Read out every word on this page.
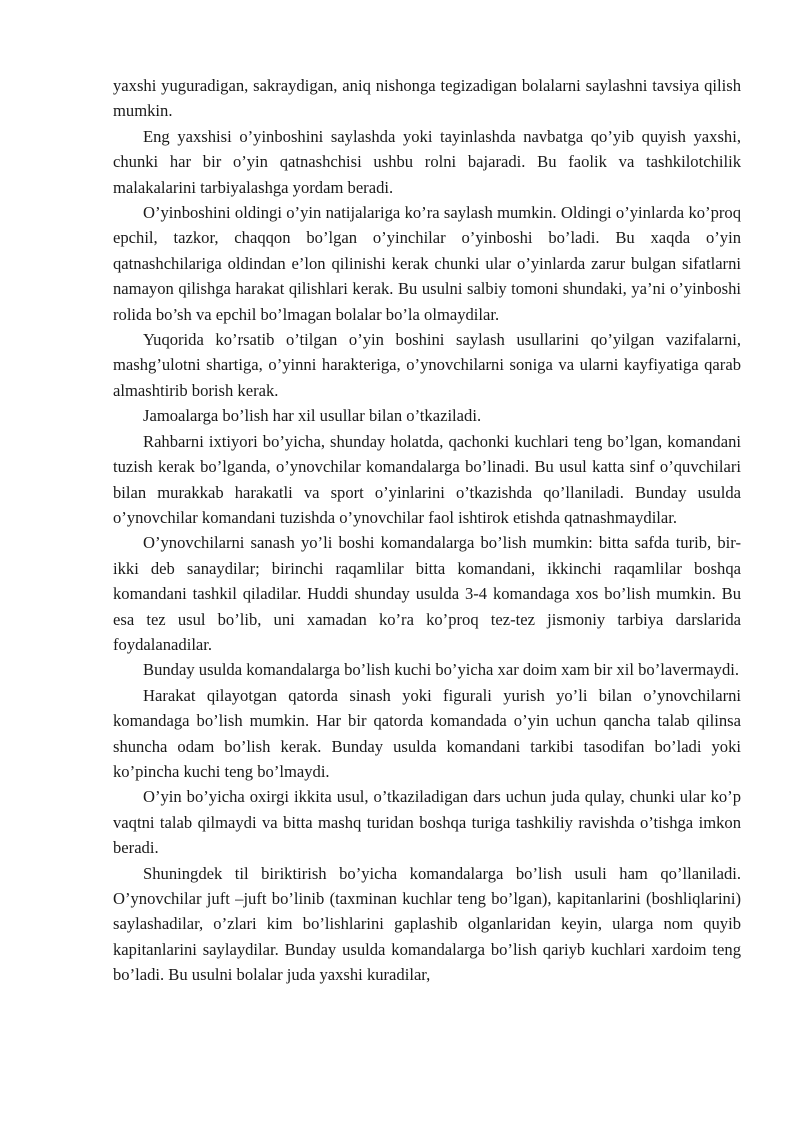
yaxshi yuguradigan, sakraydigan, aniq nishonga tegizadigan bolalarni saylashni tavsiya qilish mumkin.

Eng yaxshisi o’yinboshini saylashda yoki tayinlashda navbatga qo’yib quyish yaxshi, chunki har bir o’yin qatnashchisi ushbu rolni bajaradi. Bu faolik va tashkilotchilik malakalarini tarbiyalashga yordam beradi.

O’yinboshini oldingi o’yin natijalariga ko’ra saylash mumkin. Oldingi o’yinlarda ko’proq epchil, tazkor, chaqqon bo’lgan o’yinchilar o’yinboshi bo’ladi. Bu xaqda o’yin qatnashchilariga oldindan e’lon qilinishi kerak chunki ular o’yinlarda zarur bulgan sifatlarni namayon qilishga harakat qilishlari kerak. Bu usulni salbiy tomoni shundaki, ya’ni o’yinboshi rolida bo’sh va epchil bo’lmagan bolalar bo’la olmaydilar.

Yuqorida ko’rsatib o’tilgan o’yin boshini saylash usullarini qo’yilgan vazifalarni, mashg’ulotni shartiga, o’yinni harakteriga, o’ynovchilarni soniga va ularni kayfiyatiga qarab almashtirib borish kerak.

Jamoalarga bo’lish har xil usullar bilan o’tkaziladi.

Rahbarni ixtiyori bo’yicha, shunday holatda, qachonki kuchlari teng bo’lgan, komandani tuzish kerak bo’lganda, o’ynovchilar komandalarga bo’linadi. Bu usul katta sinf o’quvchilari bilan murakkab harakatli va sport o’yinlarini o’tkazishda qo’llaniladi. Bunday usulda o’ynovchilar komandani tuzishda o’ynovchilar faol ishtirok etishda qatnashmaydilar.

O’ynovchilarni sanash yo’li boshi komandalarga bo’lish mumkin: bitta safda turib, bir-ikki deb sanaydilar; birinchi raqamlilar bitta komandani, ikkinchi raqamlilar boshqa komandani tashkil qiladilar. Huddi shunday usulda 3-4 komandaga xos bo’lish mumkin. Bu esa tez usul bo’lib, uni xamadan ko’ra ko’proq tez-tez jismoniy tarbiya darslarida foydalanadilar.

Bunday usulda komandalarga bo’lish kuchi bo’yicha xar doim xam bir xil bo’lavermaydi.

Harakat qilayotgan qatorda sinash yoki figurali yurish yo’li bilan o’ynovchilarni komandaga bo’lish mumkin. Har bir qatorda komandada o’yin uchun qancha talab qilinsa shuncha odam bo’lish kerak. Bunday usulda komandani tarkibi tasodifan bo’ladi yoki ko’pincha kuchi teng bo’lmaydi.

O’yin bo’yicha oxirgi ikkita usul, o’tkaziladigan dars uchun juda qulay, chunki ular ko’p vaqtni talab qilmaydi va bitta mashq turidan boshqa turiga tashkiliy ravishda o’tishga imkon beradi.

Shuningdek til biriktirish bo’yicha komandalarga bo’lish usuli ham qo’llaniladi. O’ynovchilar juft –juft bo’linib (taxminan kuchlar teng bo’lgan), kapitanlarini (boshliqlarini) saylashadilar, o’zlari kim bo’lishlarini gaplashib olganlaridan keyin, ularga nom quyib kapitanlarini saylaydilar. Bunday usulda komandalarga bo’lish qariyb kuchlari xardoim teng bo’ladi. Bu usulni bolalar juda yaxshi kuradilar,
